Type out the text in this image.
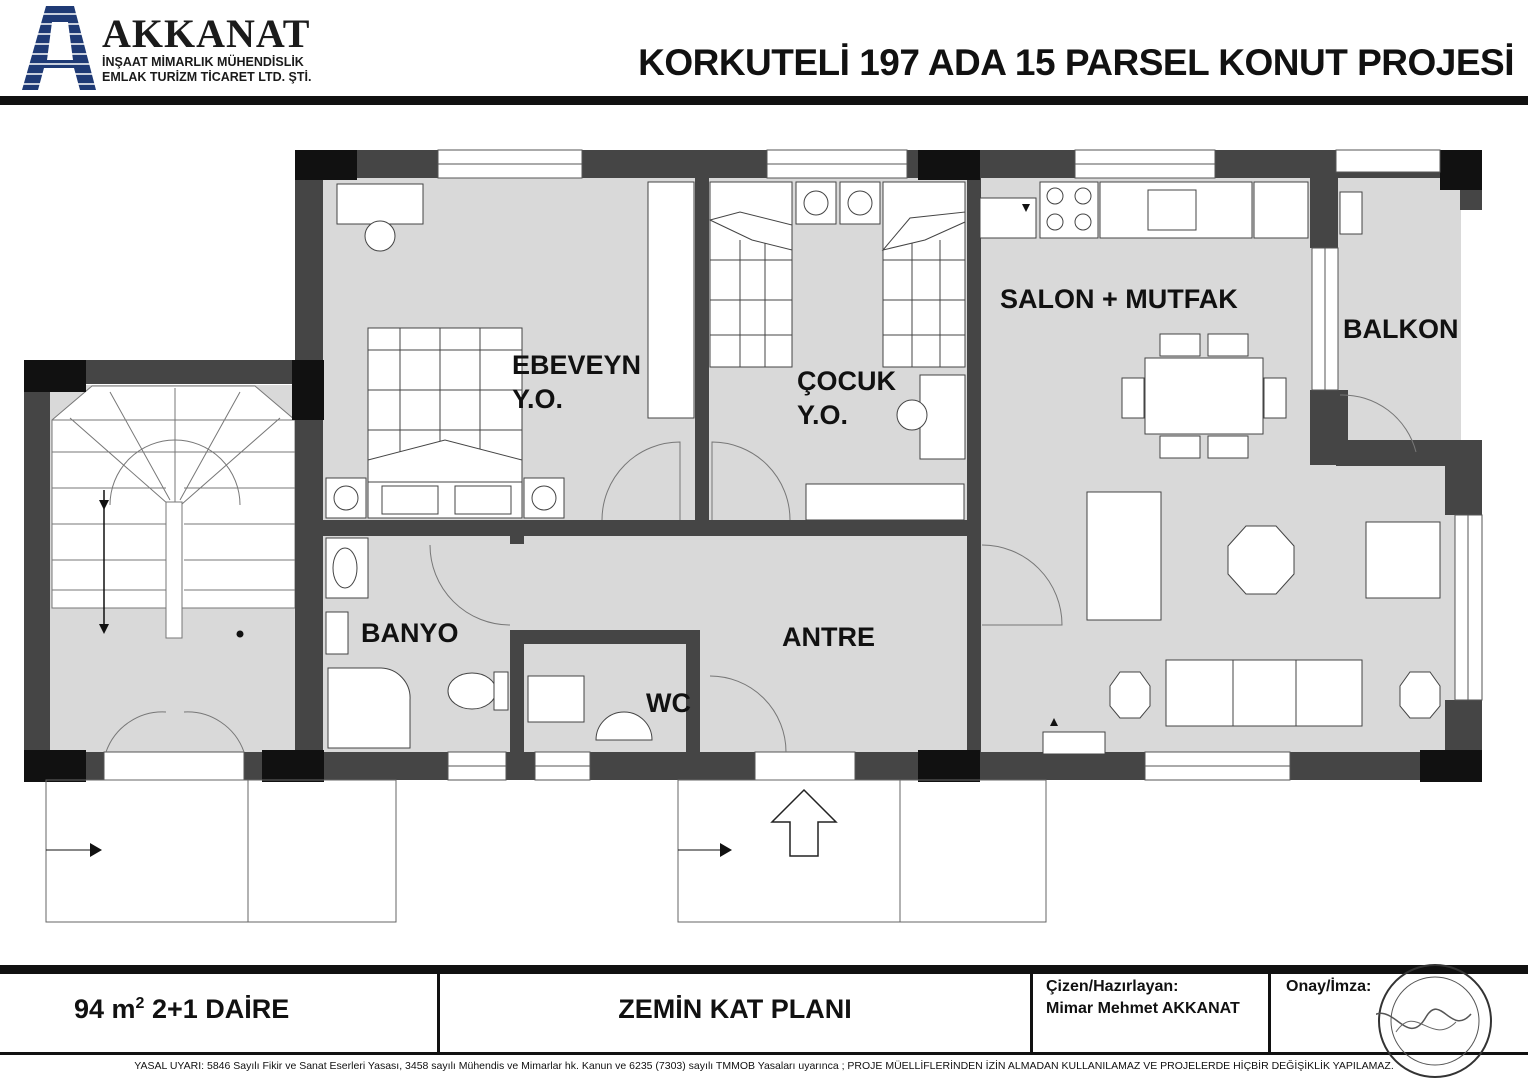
AKKANAT
İNŞAAT MİMARLIK MÜHENDİSLİK
EMLAK TURİZM TİCARET LTD. ŞTİ.	KORKUTELİ 197 ADA 15 PARSEL KONUT PROJESİ
EBEVEYN
Y.O.
ÇOCUK
Y.O.
SALON + MUTFAK
BALKON
BANYO
WC
ANTRE
94 $m^2$ 2+1 DAİRE	ZEMİN KAT PLANI
Çizen/Hazırlayan:
Mimar Mehmet AKKANAT
Onay/İmza:
YASAL UYARI: 5846 Sayılı Fikir ve Sanat Eserleri Yasası, 3458 sayılı Mühendis ve Mimarlar hk. Kanun ve 6235 (7303) sayılı TMMOB Yasaları uyarınca ; PROJE MÜELLİFLERİNDEN İZİN ALMADAN KULLANILAMAZ VE PROJELERDE HİÇBİR DEĞİŞİKLİK YAPILAMAZ.
